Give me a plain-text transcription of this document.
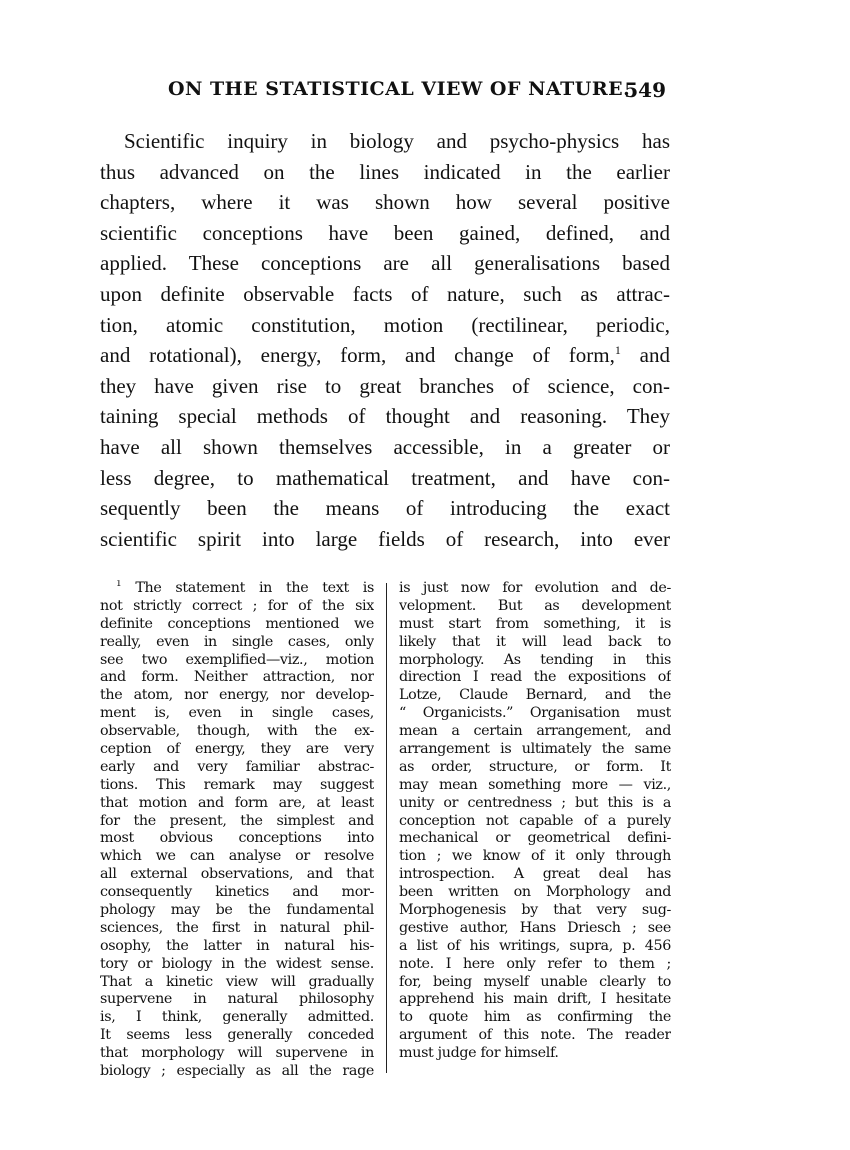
ON THE STATISTICAL VIEW OF NATURE.
549
Scientific inquiry in biology and psycho-physics has
thus advanced on the lines indicated in the earlier
chapters, where it was shown how several positive
scientific conceptions have been gained, defined, and
applied. These conceptions are all generalisations based
upon definite observable facts of nature, such as attrac-
tion, atomic constitution, motion (rectilinear, periodic,
and rotational), energy, form, and change of form,$^1$ and
they have given rise to great branches of science, con-
taining special methods of thought and reasoning. They
have all shown themselves accessible, in a greater or
less degree, to mathematical treatment, and have con-
sequently been the means of introducing the exact
scientific spirit into large fields of research, into ever
$^1$ The statement in the text is
not strictly correct ; for of the six
definite conceptions mentioned we
really, even in single cases, only
see two exemplified—viz., motion
and form. Neither attraction, nor
the atom, nor energy, nor develop-
ment is, even in single cases,
observable, though, with the ex-
ception of energy, they are very
early and very familiar abstrac-
tions. This remark may suggest
that motion and form are, at least
for the present, the simplest and
most obvious conceptions into
which we can analyse or resolve
all external observations, and that
consequently kinetics and mor-
phology may be the fundamental
sciences, the first in natural phil-
osophy, the latter in natural his-
tory or biology in the widest sense.
That a kinetic view will gradually
supervene in natural philosophy
is, I think, generally admitted.
It seems less generally conceded
that morphology will supervene in
biology ; especially as all the rage
is just now for evolution and de-
velopment. But as development
must start from something, it is
likely that it will lead back to
morphology. As tending in this
direction I read the expositions of
Lotze, Claude Bernard, and the
“ Organicists.” Organisation must
mean a certain arrangement, and
arrangement is ultimately the same
as order, structure, or form. It
may mean something more — viz.,
unity or centredness ; but this is a
conception not capable of a purely
mechanical or geometrical defini-
tion ; we know of it only through
introspection. A great deal has
been written on Morphology and
Morphogenesis by that very sug-
gestive author, Hans Driesch ; see
a list of his writings, supra, p. 456
note. I here only refer to them ;
for, being myself unable clearly to
apprehend his main drift, I hesitate
to quote him as confirming the
argument of this note. The reader
must judge for himself.
